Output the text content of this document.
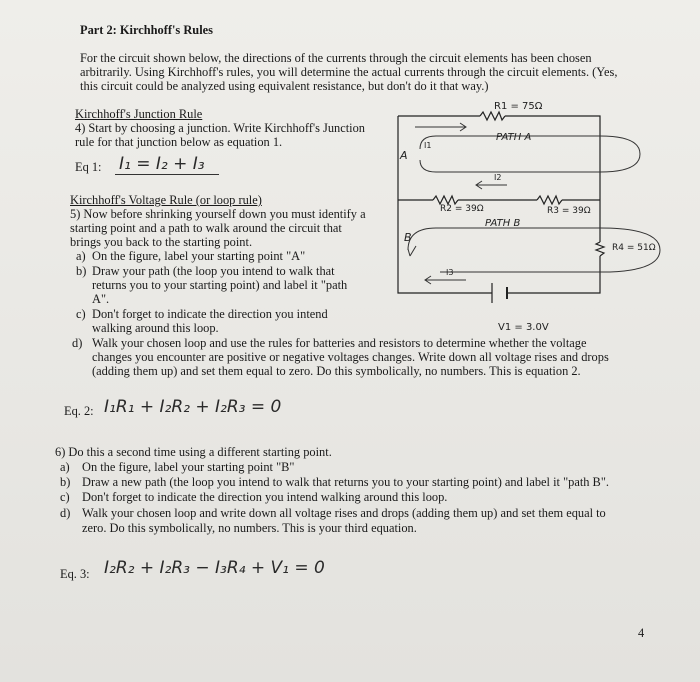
Part 2: Kirchhoff's Rules
For the circuit shown below, the directions of the currents through the circuit elements has been chosen
arbitrarily. Using Kirchhoff's rules, you will determine the actual currents through the circuit elements. (Yes,
this circuit could be analyzed using equivalent resistance, but don't do it that way.)
Kirchhoff's Junction Rule
4) Start by choosing a junction. Write Kirchhoff's Junction
rule for that junction below as equation 1.
Eq 1: I₁ = I₂ + I₃
Kirchhoff's Voltage Rule (or loop rule)
5) Now before shrinking yourself down you must identify a
starting point and a path to walk around the circuit that
brings you back to the starting point.
a) On the figure, label your starting point "A"
b) Draw your path (the loop you intend to walk that
returns you to your starting point) and label it "path
A".
c) Don't forget to indicate the direction you intend
walking around this loop.
d) Walk your chosen loop and use the rules for batteries and resistors to determine whether the voltage
changes you encounter are positive or negative voltages changes. Write down all voltage rises and drops
(adding them up) and set them equal to zero. Do this symbolically, no numbers. This is equation 2.
Eq. 2: I₁R₁ + I₂R₂ + I₂R₃ = 0
6) Do this a second time using a different starting point.
a) On the figure, label your starting point "B"
b) Draw a new path (the loop you intend to walk that returns you to your starting point) and label it "path B".
c) Don't forget to indicate the direction you intend walking around this loop.
d) Walk your chosen loop and write down all voltage rises and drops (adding them up) and set them equal to
zero. Do this symbolically, no numbers. This is your third equation.
Eq. 3: I₂R₂ + I₂R₃ − I₃R₄ + V₁ = 0
4
R1 = 75Ω
R2 = 39Ω	R3 = 39Ω
R4 = 51Ω
V1 = 3.0V
I1
I2
I3
PATH A
PATH B
A
B
